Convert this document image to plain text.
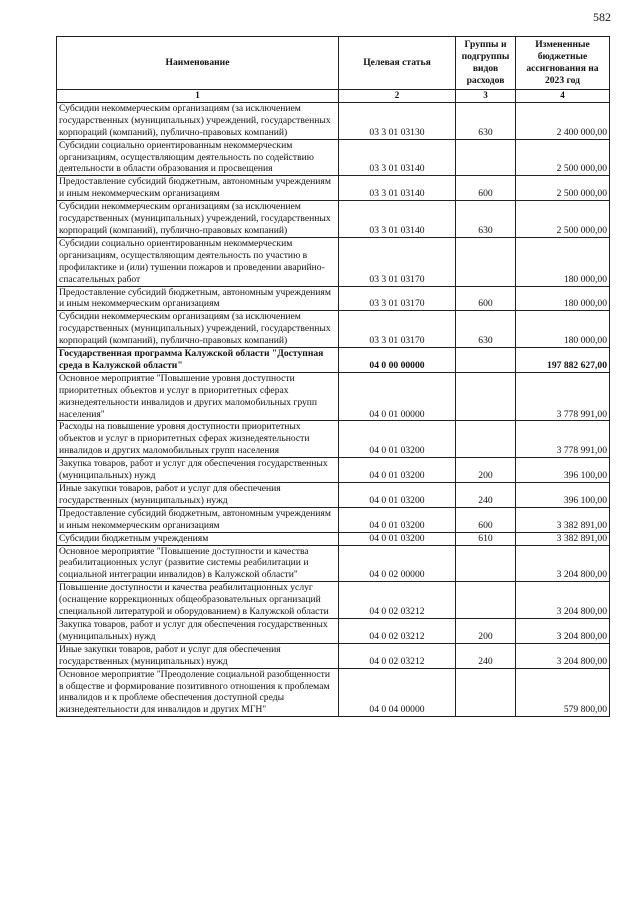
582
Наименование	Целевая статья	Группы и подгруппы видов расходов	Измененные бюджетные ассигнования на 2023 год
1	2	3	4
Субсидии некоммерческим организациям (за исключением государственных (муниципальных) учреждений, государственных корпораций (компаний), публично-правовых компаний)	03 3 01 03130	630	2 400 000,00
Субсидии социально ориентированным некоммерческим организациям, осуществляющим деятельность по содействию деятельности в области образования и просвещения	03 3 01 03140		2 500 000,00
Предоставление субсидий бюджетным, автономным учреждениям и иным некоммерческим организациям	03 3 01 03140	600	2 500 000,00
Субсидии некоммерческим организациям (за исключением государственных (муниципальных) учреждений, государственных корпораций (компаний), публично-правовых компаний)	03 3 01 03140	630	2 500 000,00
Субсидии социально ориентированным некоммерческим организациям, осуществляющим деятельность по участию в профилактике и (или) тушении пожаров и проведении аварийно-спасательных работ	03 3 01 03170		180 000,00
Предоставление субсидий бюджетным, автономным учреждениям и иным некоммерческим организациям	03 3 01 03170	600	180 000,00
Субсидии некоммерческим организациям (за исключением государственных (муниципальных) учреждений, государственных корпораций (компаний), публично-правовых компаний)	03 3 01 03170	630	180 000,00
Государственная программа Калужской области "Доступная среда в Калужской области"	04 0 00 00000		197 882 627,00
Основное мероприятие "Повышение уровня доступности приоритетных объектов и услуг в приоритетных сферах жизнедеятельности инвалидов и других маломобильных групп населения"	04 0 01 00000		3 778 991,00
Расходы на повышение уровня доступности приоритетных объектов и услуг в приоритетных сферах жизнедеятельности инвалидов и других маломобильных групп населения	04 0 01 03200		3 778 991,00
Закупка товаров, работ и услуг для обеспечения государственных (муниципальных) нужд	04 0 01 03200	200	396 100,00
Иные закупки товаров, работ и услуг для обеспечения государственных (муниципальных) нужд	04 0 01 03200	240	396 100,00
Предоставление субсидий бюджетным, автономным учреждениям и иным некоммерческим организациям	04 0 01 03200	600	3 382 891,00
Субсидии бюджетным учреждениям	04 0 01 03200	610	3 382 891,00
Основное мероприятие "Повышение доступности и качества реабилитационных услуг (развитие системы реабилитации и социальной интеграции инвалидов) в Калужской области"	04 0 02 00000		3 204 800,00
Повышение доступности и качества реабилитационных услуг (оснащение коррекционных общеобразовательных организаций специальной литературой и оборудованием) в Калужской области	04 0 02 03212		3 204 800,00
Закупка товаров, работ и услуг для обеспечения государственных (муниципальных) нужд	04 0 02 03212	200	3 204 800,00
Иные закупки товаров, работ и услуг для обеспечения государственных (муниципальных) нужд	04 0 02 03212	240	3 204 800,00
Основное мероприятие "Преодоление социальной разобщенности в обществе и формирование позитивного отношения к проблемам инвалидов и к проблеме обеспечения доступной среды жизнедеятельности для инвалидов и других МГН"	04 0 04 00000		579 800,00
